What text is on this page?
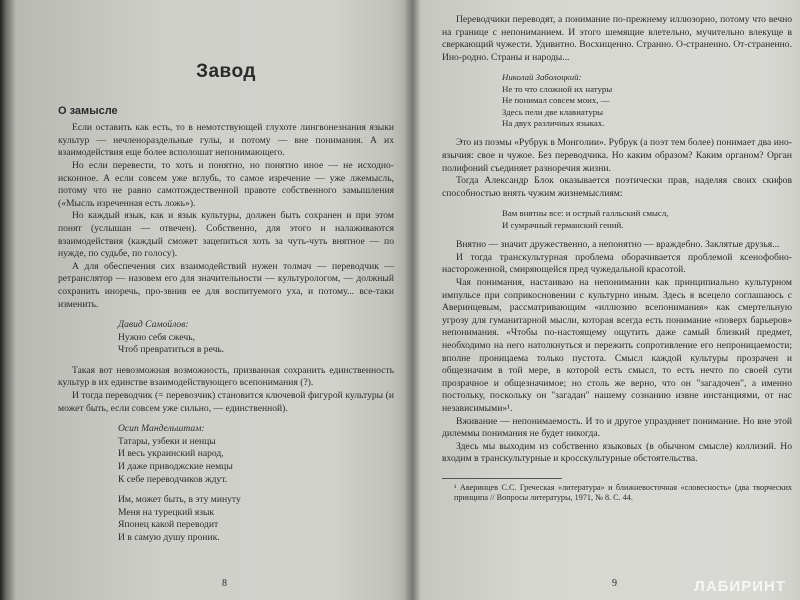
Завод
О замысле

Если оставить как есть, то в немотствующей глухоте лингвонезнания языки культур — нечленораздельные гулы, и потому — вне понимания. А их взаимодействия еще более всполошат непонимающего.

Но если перевести, то хоть и понятно, но понятно иное — не исходно-исконное. А если совсем уже вглубь, то самое изречение — уже лжемысль, потому что не равно самотождественной правоте собственного замышления («Мысль изреченная есть ложь»).

Но каждый язык, как и язык культуры, должен быть сохранен и при этом понят (услышан — отвечен). Собственно, для этого и налаживаются взаимодействия (каждый сможет зацепиться хоть за чуть-чуть внятное — по нужде, по судьбе, по голосу).

А для обеспечения сих взаимодействий нужен толмач — переводчик — ретранслятор — назовем его для значительности — культурологом, — должный сохранить иноречь, про-звнив ее для воспитуемого уха, и потому... все-таки изменить.

Давид Самойлов:
Нужно себя сжечь,
Чтоб превратиться в речь.

Такая вот невозможная возможность, призванная сохранить единственность культур в их единстве взаимодействующего всепонимания (?).

И тогда переводчик (= перевозчик) становится ключевой фигурой культуры (и может быть, если совсем уже сильно, — единственной).

Осип Мандельштам:
Татары, узбеки и ненцы
И весь украинский народ,
И даже приводжские немцы
К себе переводчиков ждут.
Им, может быть, в эту минуту
Меня на турецкий язык
Японец какой переводит
И в самую душу проник.
8

Переводчики переводят, а понимание по-прежнему иллюзорно, потому что вечно на границе с непониманием. И этого шемящие влетельно, мучительно влекуще в сверкающий чужести. Удивитно. Восхищенно. Странно. О-страненно. От-страненно. Ино-родно. Страны и народы...

Николай Заболоцкий:
Не то что сложной их натуры
Не понимал совсем моих, —
Здесь пели две клавиатуры
На двух различных языках.

Это из поэмы «Рубрук в Монголии». Рубрук (а поэт тем более) понимает два ино-язычия: свое и чужое. Без переводчика. Но каким образом? Каким органом? Орган полифоний съединяет разноречия жизни.

Тогда Александр Блок оказывается поэтически прав, наделяя своих скифов способностью внять чужим жизнемыслиям:

Вам внятны все: и острый галльский смысл,
И сумрачный германский гений.

Внятно — значит дружественно, а непонятно — враждебно. Заклятые друзья...

И тогда транскультурная проблема оборачивается проблемой ксенофобно-настороженной, смиряющейся пред чужедальной красотой.

Чая понимания, настаиваю на непонимании как принципиально культурном импульсе при соприкосновении с культурно иным. Здесь я всецело соглашаюсь с Аверинцевым, рассматривающим «иллюзию всепонимания» как смертельную угрозу для гуманитарной мысли, которая всегда есть понимание «поверх барьеров» непонимания. «Чтобы по-настоящему ощутить даже самый близкий предмет, необходимо на него натолкнуться и пережить сопротивление его непроницаемости; вполне проницаема только пустота. Смысл каждой культуры прозрачен и общезначим в той мере, в которой есть смысл, то есть нечто по своей сути прозрачное и общезначимое; но столь же верно, что он "загадочен", а именно постольку, поскольку он "загадан" нашему сознанию извне инстанциями, от нас независимыми»¹.

Вживание — непонимаемость. И то и другое упраздняет понимание. Но вне этой дилеммы понимания не будет никогда.

Здесь мы выходим из собственно языковых (в обычном смысле) коллизий. Но входим в транскультурные и кросскультурные обстоятельства.

¹ Аверинцев С.С. Греческая «литература» и ближневосточная «словесность» (два творческих принципа // Вопросы литературы, 1971, № 8. С. 44.

9	ЛАБИРИНТ
